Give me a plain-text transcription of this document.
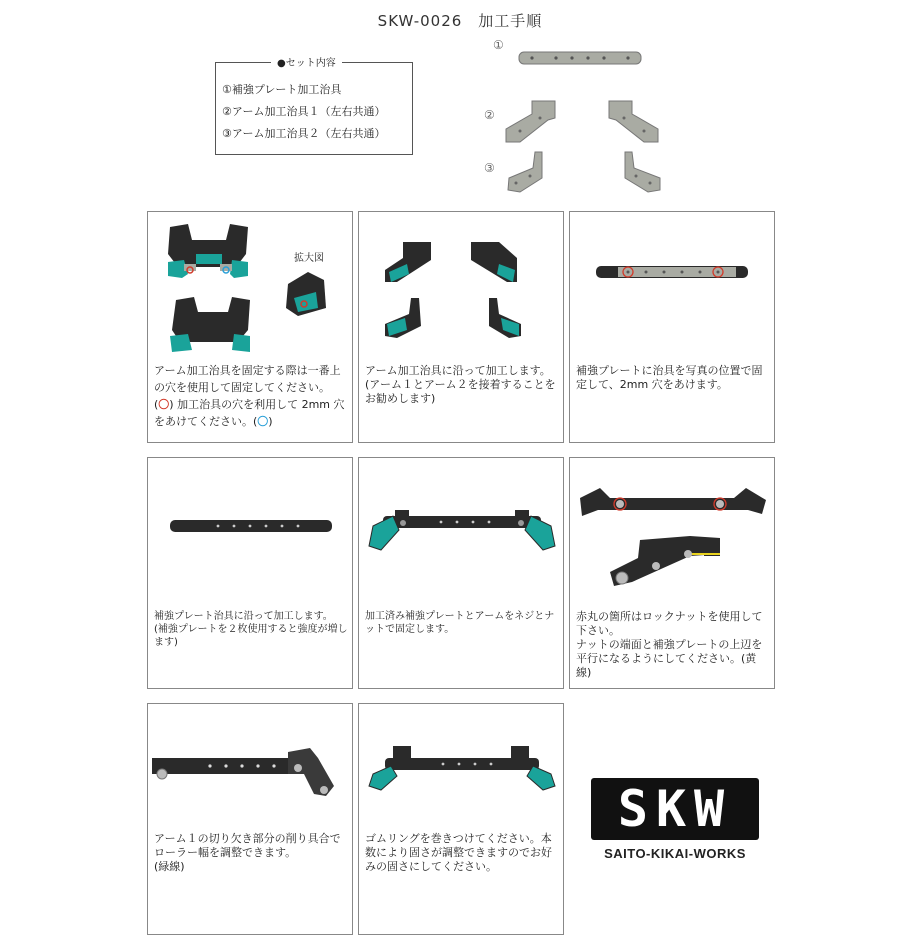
SKW-0026　加工手順
●セット内容
①補強プレート加工治具
②アーム加工治具１（左右共通）
③アーム加工治具２（左右共通）
①
②
③
拡大図
アーム加工治具を固定する際は一番上の穴を使用して固定してください。(〇) 加工治具の穴を利用して 2mm 穴をあけてください。(〇)
アーム加工治具に沿って加工します。
(アーム１とアーム２を接着することをお勧めします)
補強プレートに治具を写真の位置で固定して、2mm 穴をあけます。
補強プレート治具に沿って加工します。
(補強プレートを２枚使用すると強度が増します)
加工済み補強プレートとアームをネジとナットで固定します。
赤丸の箇所はロックナットを使用して下さい。
ナットの端面と補強プレートの上辺を平行になるようにしてください。(黄線)
アーム１の切り欠き部分の削り具合でローラー幅を調整できます。
(緑線)
ゴムリングを巻きつけてください。本数により固さが調整できますのでお好みの固さにしてください。
SKW
SAITO-KIKAI-WORKS
